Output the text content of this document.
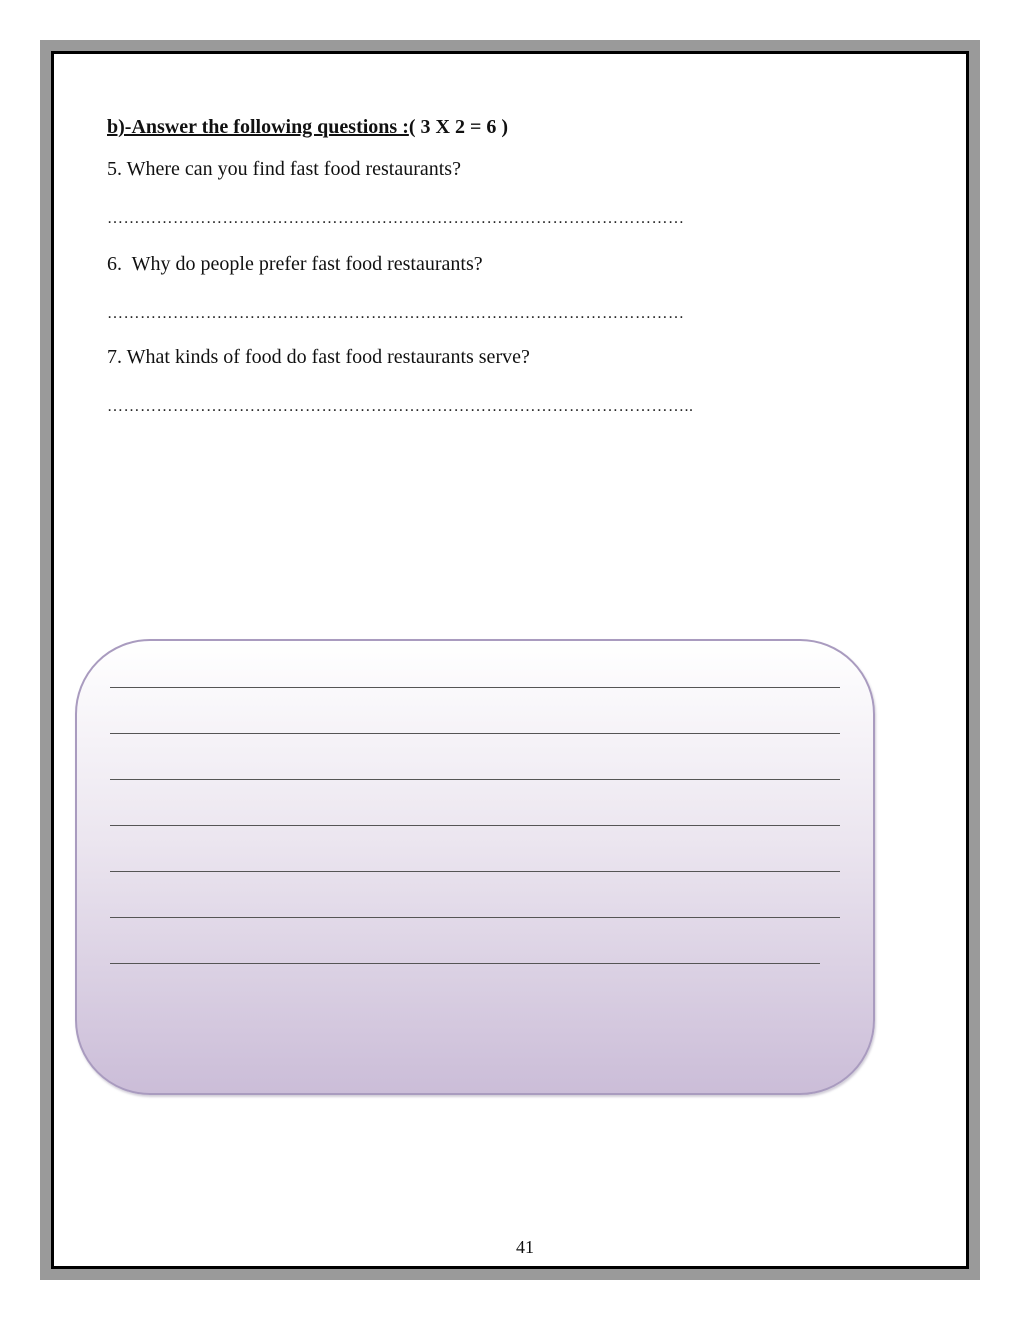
b)-Answer the following questions :( 3 X 2 = 6 )
5. Where can you find fast food restaurants?
……………………………………………………………………………………………
6.  Why do people prefer fast food restaurants?
……………………………………………………………………………………………
7. What kinds of food do fast food restaurants serve?
……………………………………………………………………………………………..
41
